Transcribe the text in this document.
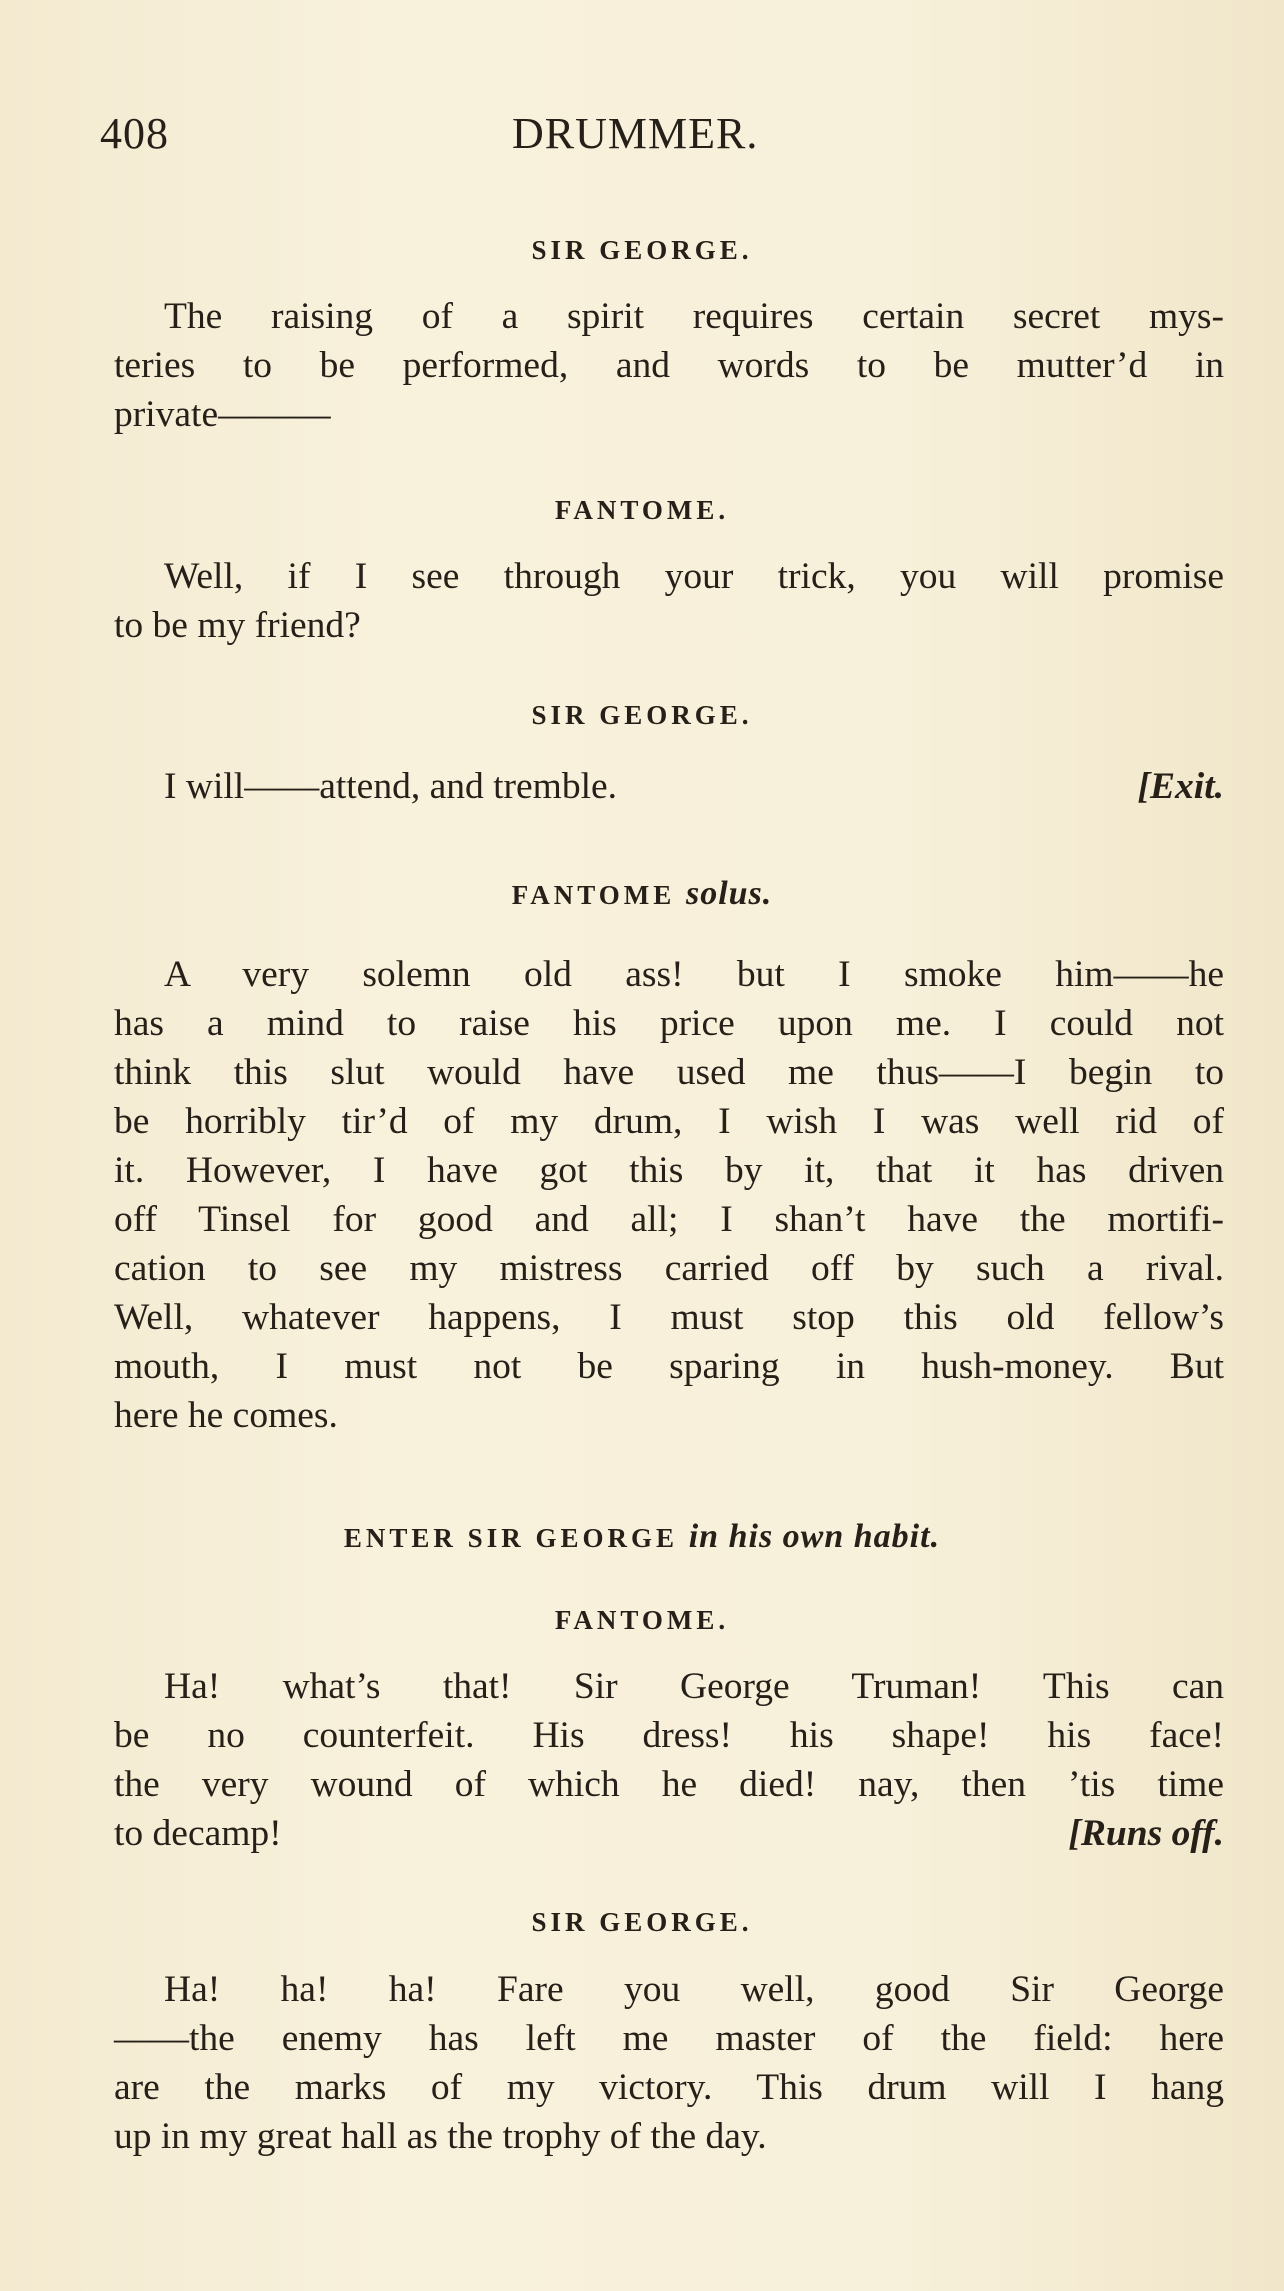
408	DRUMMER.
SIR GEORGE.
The raising of a spirit requires certain secret mys-
teries to be performed, and words to be mutter’d in
private———
FANTOME.
Well, if I see through your trick, you will promise
to be my friend?
SIR GEORGE.
I will——attend, and tremble.	[Exit.
FANTOME solus.
A very solemn old ass! but I smoke him——he
has a mind to raise his price upon me. I could not
think this slut would have used me thus——I begin to
be horribly tir’d of my drum, I wish I was well rid of
it. However, I have got this by it, that it has driven
off Tinsel for good and all; I shan’t have the mortifi-
cation to see my mistress carried off by such a rival.
Well, whatever happens, I must stop this old fellow’s
mouth, I must not be sparing in hush-money. But
here he comes.
ENTER SIR GEORGE in his own habit.
FANTOME.
Ha! what’s that! Sir George Truman! This can
be no counterfeit. His dress! his shape! his face!
the very wound of which he died! nay, then ’tis time
to decamp!	[Runs off.
SIR GEORGE.
Ha! ha! ha! Fare you well, good Sir George
——the enemy has left me master of the field: here
are the marks of my victory. This drum will I hang
up in my great hall as the trophy of the day.
